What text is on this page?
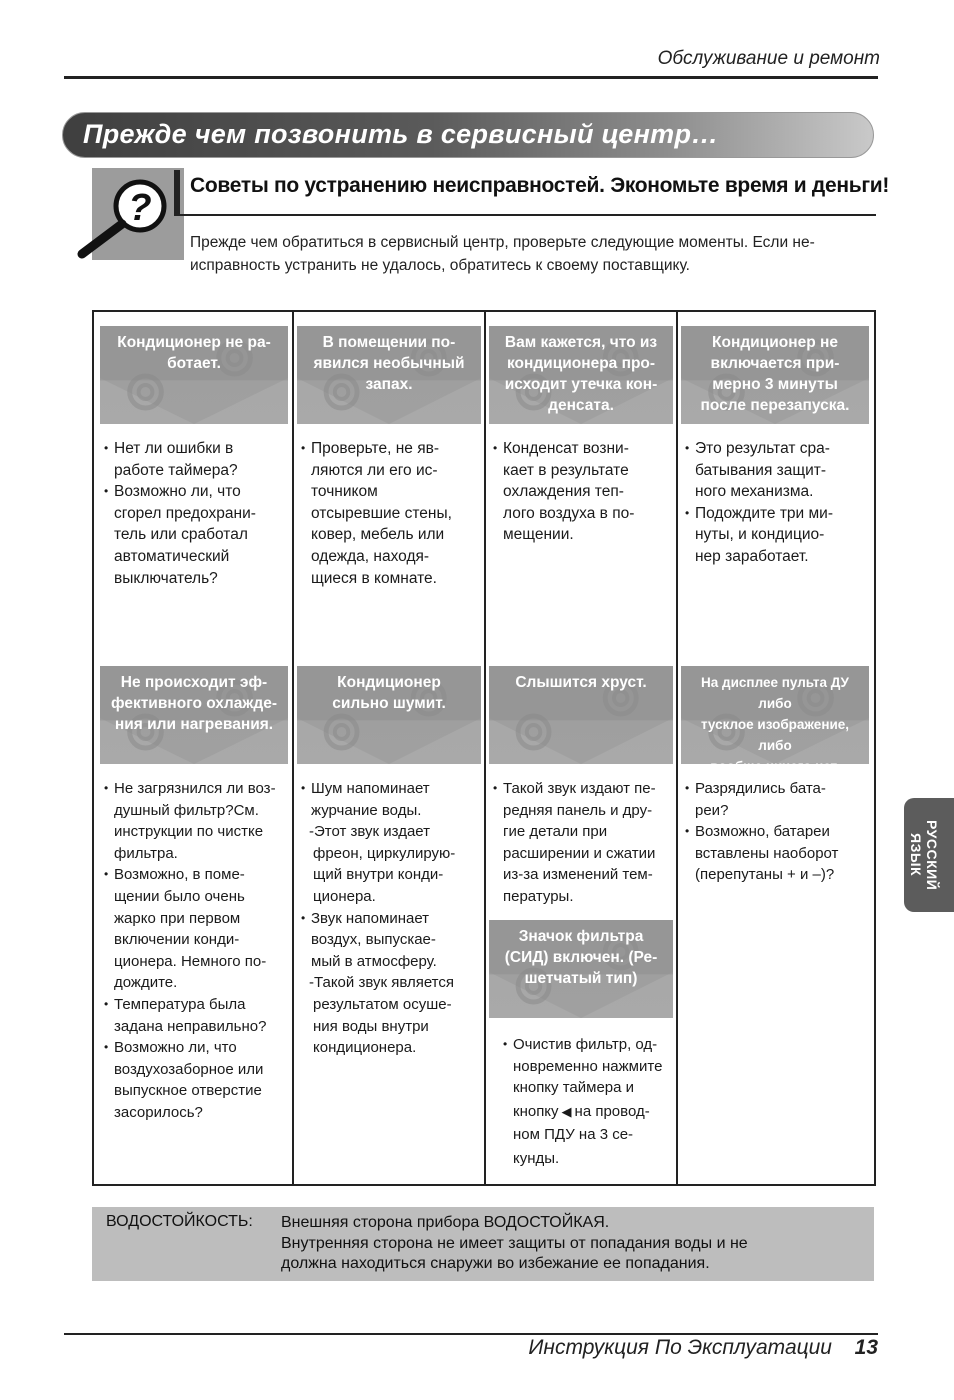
Обслуживание и ремонт
Прежде чем позвонить в сервисный центр…
?
Советы по устранению неисправностей. Экономьте время и деньги!
Прежде чем обратиться в сервисный центр, проверьте следующие моменты. Если не-исправность устранить не удалось, обратитесь к своему поставщику.
Кондиционер не ра-
ботает.
• Нет ли ошибки в
работе таймера?
• Возможно ли, что
сгорел предохрани-
тель или сработал
автоматический
выключатель?
В помещении по-
явился необычный
запах.
• Проверьте, не яв-
ляются ли его ис-
точником
отсыревшие стены,
ковер, мебель или
одежда, находя-
щиеся в комнате.
Вам кажется, что из
кондиционера про-
исходит утечка кон-
денсата.
• Конденсат возни-
кает в результате
охлаждения теп-
лого воздуха в по-
мещении.
Кондиционер не
включается при-
мерно 3 минуты
после перезапуска.
• Это результат сра-
батывания защит-
ного механизма.
• Подождите три ми-
нуты, и кондицио-
нер заработает.
Не происходит эф-
фективного охлажде-
ния или нагревания.
• Не загрязнился ли воз-
душный фильтр?См.
инструкции по чистке
фильтра.
• Возможно, в поме-
щении было очень
жарко при первом
включении конди-
ционера. Немного по-
дождите.
• Температура была
задана неправильно?
• Возможно ли, что
воздухозаборное или
выпускное отверстие
засорилось?
Кондиционер
сильно шумит.
• Шум напоминает
журчание воды.
-Этот звук издает
фреон, циркулирую-
щий внутри конди-
ционера.
• Звук напоминает
воздух, выпускае-
мый в атмосферу.
-Такой звук является
результатом осуше-
ния воды внутри
кондиционера.
Слышится хруст.
• Такой звук издают пе-
редняя панель и дру-
гие детали при
расширении и сжатии
из-за изменений тем-
пературы.
Значок фильтра
(СИД) включен. (Ре-
шетчатый тип)
• Очистив фильтр, од-
новременно нажмите
кнопку таймера и
кнопку ◀ на провод-
ном ПДУ на 3 се-
кунды.
На дисплее пульта ДУ либо
тусклое изображение, либо
вообще ничего нет.
• Разрядились бата-
реи?
• Возможно, батареи
вставлены наоборот
(перепутаны + и –)?	РУССКИЙ ЯЗЫК
ВОДОСТОЙКОСТЬ: Внешняя сторона прибора ВОДОСТОЙКАЯ.
Внутренняя сторона не имеет защиты от попадания воды и не
должна находиться снаружи во избежание ее попадания.
Инструкция По Эксплуатации	13
